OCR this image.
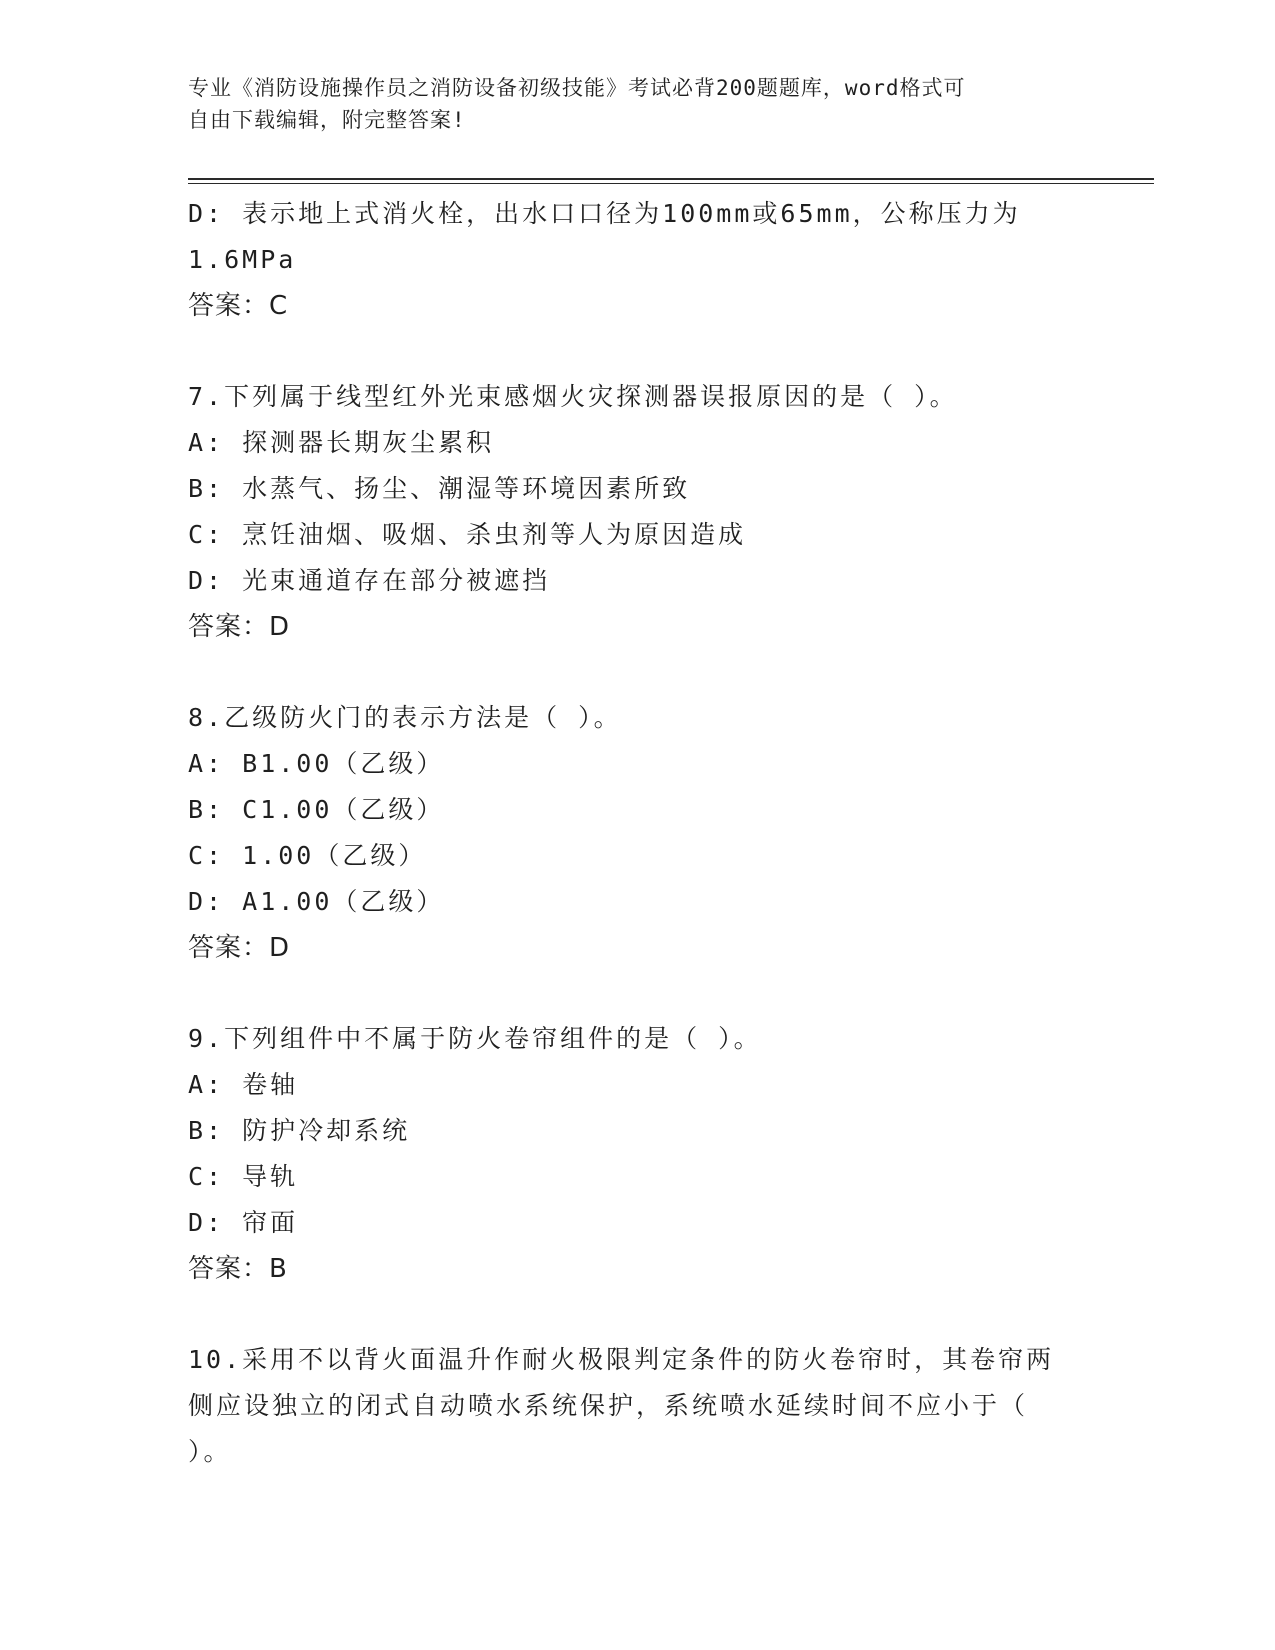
专业《消防设施操作员之消防设备初级技能》考试必背200题题库，word格式可
自由下载编辑，附完整答案!
D: 表示地上式消火栓，出水口口径为100mm或65mm，公称压力为
1.6MPa
答案：C
7.下列属于线型红外光束感烟火灾探测器误报原因的是（ ）。
A: 探测器长期灰尘累积
B: 水蒸气、扬尘、潮湿等环境因素所致
C: 烹饪油烟、吸烟、杀虫剂等人为原因造成
D: 光束通道存在部分被遮挡
答案：D
8.乙级防火门的表示方法是（ ）。
A: B1.00（乙级）
B: C1.00（乙级）
C: 1.00（乙级）
D: A1.00（乙级）
答案：D
9.下列组件中不属于防火卷帘组件的是（ ）。
A: 卷轴
B: 防护冷却系统
C: 导轨
D: 帘面
答案：B
10.采用不以背火面温升作耐火极限判定条件的防火卷帘时，其卷帘两
侧应设独立的闭式自动喷水系统保护，系统喷水延续时间不应小于（
）。
